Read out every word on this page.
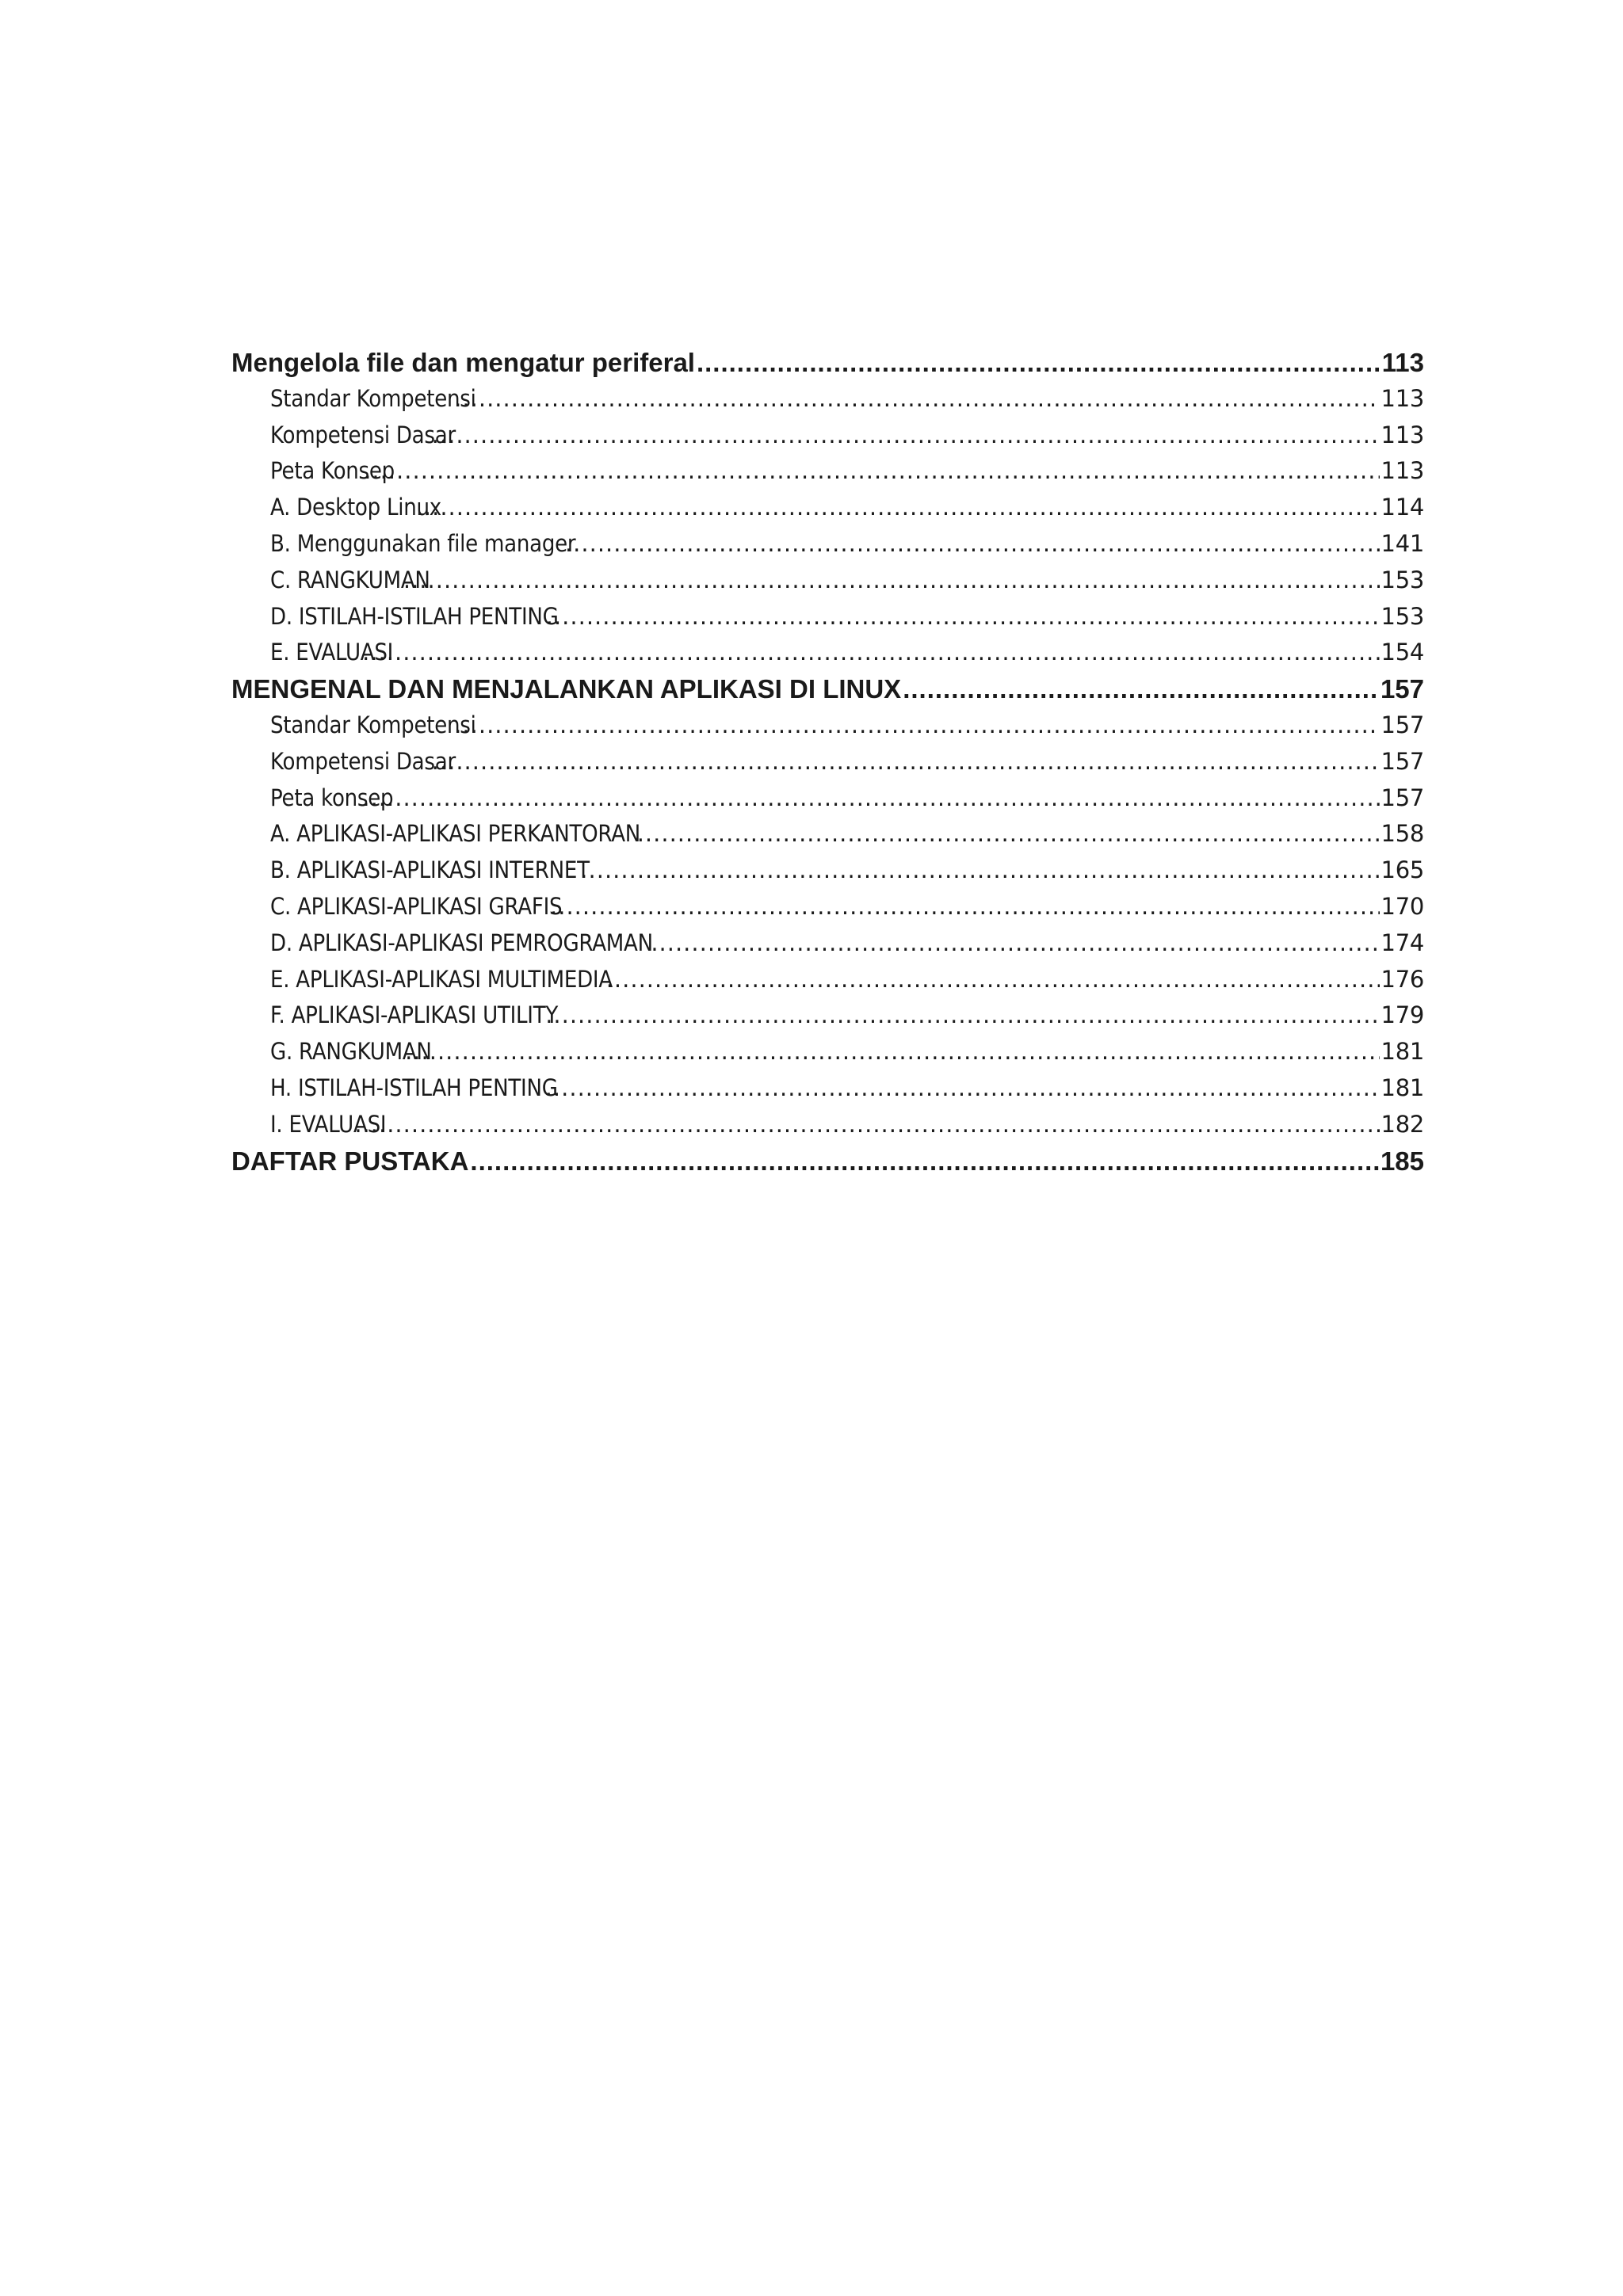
Mengelola file dan mengatur periferal .....	113
Standar Kompetensi .....	113
Kompetensi Dasar .....	113
Peta Konsep .....	113
A. Desktop Linux .....	114
B. Menggunakan file manager .....	141
C. RANGKUMAN .....	153
D. ISTILAH-ISTILAH PENTING .....	153
E. EVALUASI .....	154
MENGENAL DAN MENJALANKAN APLIKASI DI LINUX .....	157
Standar Kompetensi .....	157
Kompetensi Dasar .....	157
Peta konsep .....	157
A. APLIKASI-APLIKASI PERKANTORAN .....	158
B. APLIKASI-APLIKASI INTERNET .....	165
C. APLIKASI-APLIKASI GRAFIS .....	170
D. APLIKASI-APLIKASI PEMROGRAMAN .....	174
E. APLIKASI-APLIKASI MULTIMEDIA .....	176
F. APLIKASI-APLIKASI UTILITY .....	179
G. RANGKUMAN .....	181
H. ISTILAH-ISTILAH PENTING .....	181
I. EVALUASI .....	182
DAFTAR PUSTAKA .....	185
